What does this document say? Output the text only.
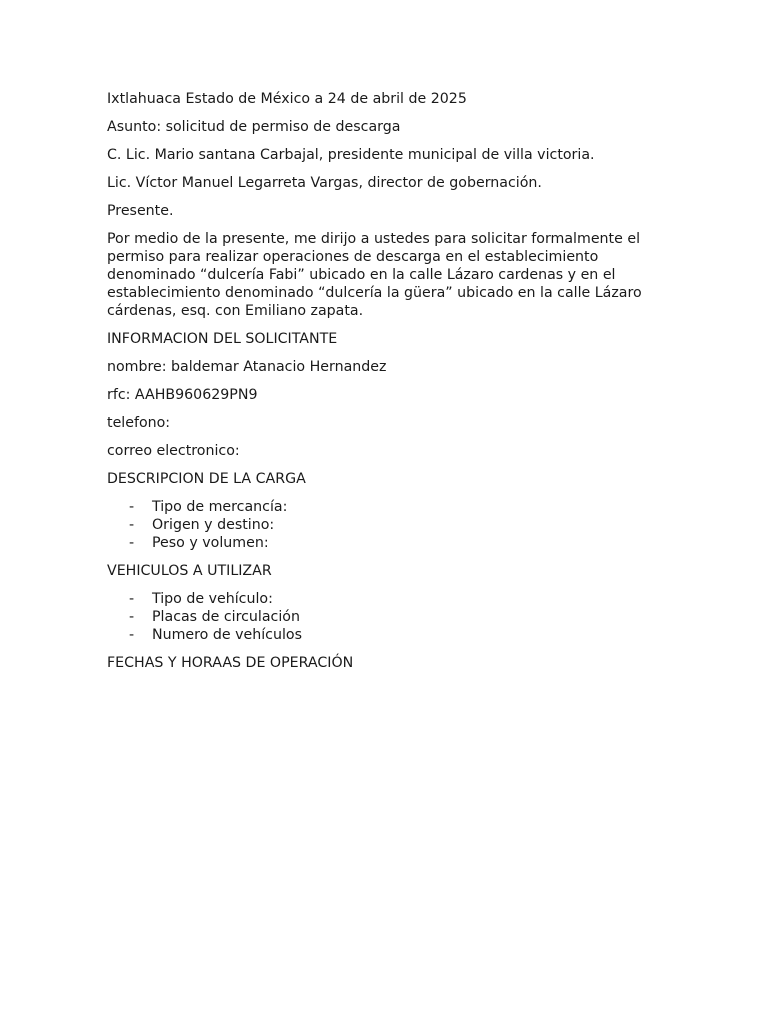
Ixtlahuaca Estado de México a 24 de abril de 2025

Asunto: solicitud de permiso de descarga

C. Lic. Mario santana Carbajal, presidente municipal de villa victoria.

Lic. Víctor Manuel Legarreta Vargas, director de gobernación.

Presente.

Por medio de la presente, me dirijo a ustedes para solicitar formalmente el permiso para realizar operaciones de descarga en el establecimiento denominado “dulcería Fabi” ubicado en la calle Lázaro cardenas y en el establecimiento denominado “dulcería la güera” ubicado en la calle Lázaro cárdenas, esq. con Emiliano zapata.

INFORMACION DEL SOLICITANTE

nombre: baldemar Atanacio Hernandez

rfc: AAHB960629PN9

telefono:

correo electronico:

DESCRIPCION DE LA CARGA

- Tipo de mercancía:
- Origen y destino:
- Peso y volumen:

VEHICULOS A UTILIZAR

- Tipo de vehículo:
- Placas de circulación
- Numero de vehículos

FECHAS Y HORAAS DE OPERACIÓN
